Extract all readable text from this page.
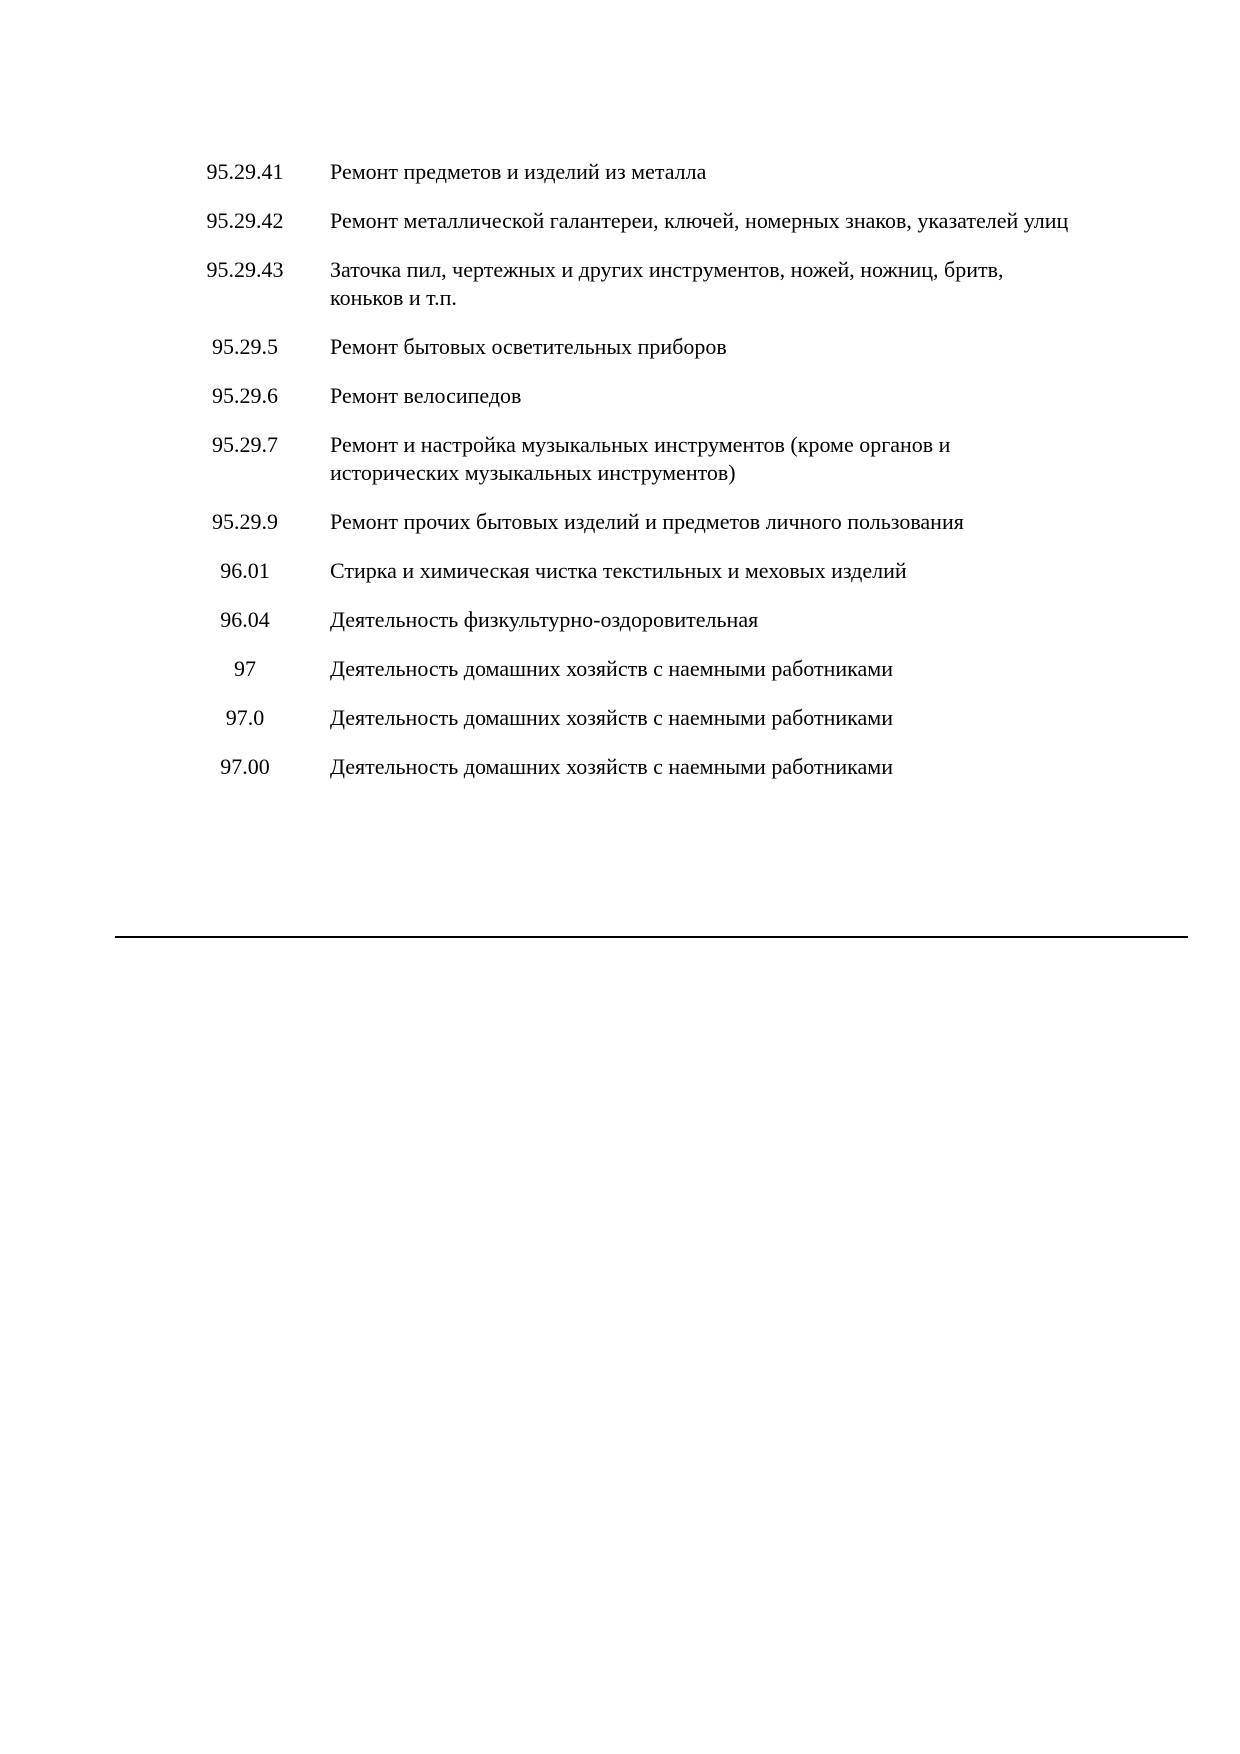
95.29.41	Ремонт предметов и изделий из металла

95.29.42	Ремонт металлической галантереи, ключей, номерных знаков, указателей улиц

95.29.43	Заточка пил, чертежных и других инструментов, ножей, ножниц, бритв, коньков и т.п.

95.29.5	Ремонт бытовых осветительных приборов

95.29.6	Ремонт велосипедов

95.29.7	Ремонт и настройка музыкальных инструментов (кроме органов и исторических музыкальных инструментов)

95.29.9	Ремонт прочих бытовых изделий и предметов личного пользования

96.01	Стирка и химическая чистка текстильных и меховых изделий

96.04	Деятельность физкультурно-оздоровительная

97	Деятельность домашних хозяйств с наемными работниками

97.0	Деятельность домашних хозяйств с наемными работниками

97.00	Деятельность домашних хозяйств с наемными работниками
